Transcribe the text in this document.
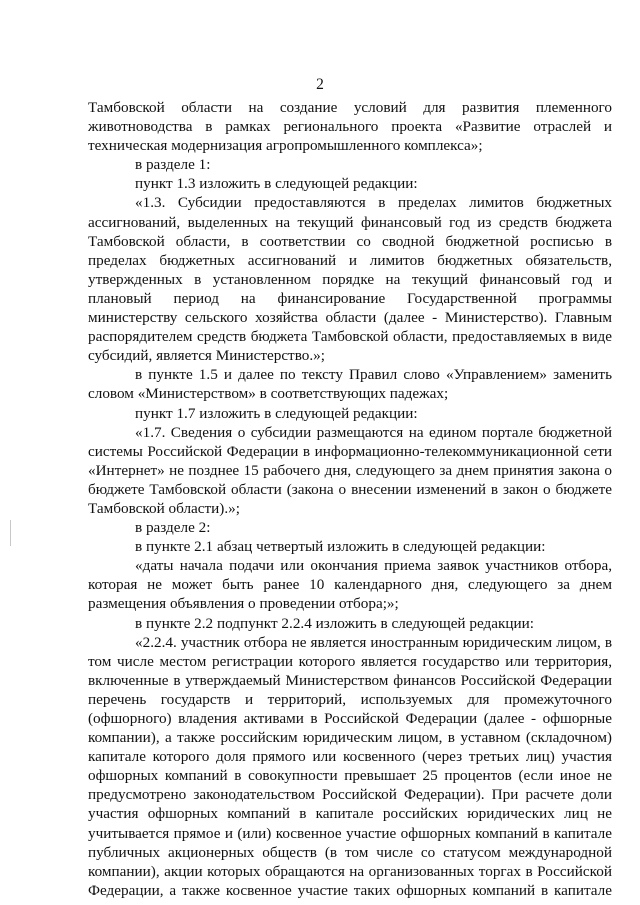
2

Тамбовской области на создание условий для развития племенного животноводства в рамках регионального проекта «Развитие отраслей и техническая модернизация агропромышленного комплекса»;

в разделе 1:

пункт 1.3 изложить в следующей редакции:

«1.3. Субсидии предоставляются в пределах лимитов бюджетных ассигнований, выделенных на текущий финансовый год из средств бюджета Тамбовской области, в соответствии со сводной бюджетной росписью в пределах бюджетных ассигнований и лимитов бюджетных обязательств, утвержденных в установленном порядке на текущий финансовый год и плановый период на финансирование Государственной программы министерству сельского хозяйства области (далее - Министерство). Главным распорядителем средств бюджета Тамбовской области, предоставляемых в виде субсидий, является Министерство.»;

в пункте 1.5 и далее по тексту Правил слово «Управлением» заменить словом «Министерством» в соответствующих падежах;

пункт 1.7 изложить в следующей редакции:

«1.7. Сведения о субсидии размещаются на едином портале бюджетной системы Российской Федерации в информационно-телекоммуникационной сети «Интернет» не позднее 15 рабочего дня, следующего за днем принятия закона о бюджете Тамбовской области (закона о внесении изменений в закон о бюджете Тамбовской области).»;

в разделе 2:

в пункте 2.1 абзац четвертый изложить в следующей редакции:

«даты начала подачи или окончания приема заявок участников отбора, которая не может быть ранее 10 календарного дня, следующего за днем размещения объявления о проведении отбора;»;

в пункте 2.2 подпункт 2.2.4 изложить в следующей редакции:

«2.2.4. участник отбора не является иностранным юридическим лицом, в том числе местом регистрации которого является государство или территория, включенные в утверждаемый Министерством финансов Российской Федерации перечень государств и территорий, используемых для промежуточного (офшорного) владения активами в Российской Федерации (далее - офшорные компании), а также российским юридическим лицом, в уставном (складочном) капитале которого доля прямого или косвенного (через третьих лиц) участия офшорных компаний в совокупности превышает 25 процентов (если иное не предусмотрено законодательством Российской Федерации). При расчете доли участия офшорных компаний в капитале российских юридических лиц не учитывается прямое и (или) косвенное участие офшорных компаний в капитале публичных акционерных обществ (в том числе со статусом международной компании), акции которых обращаются на организованных торгах в Российской Федерации, а также косвенное участие таких офшорных компаний в капитале
